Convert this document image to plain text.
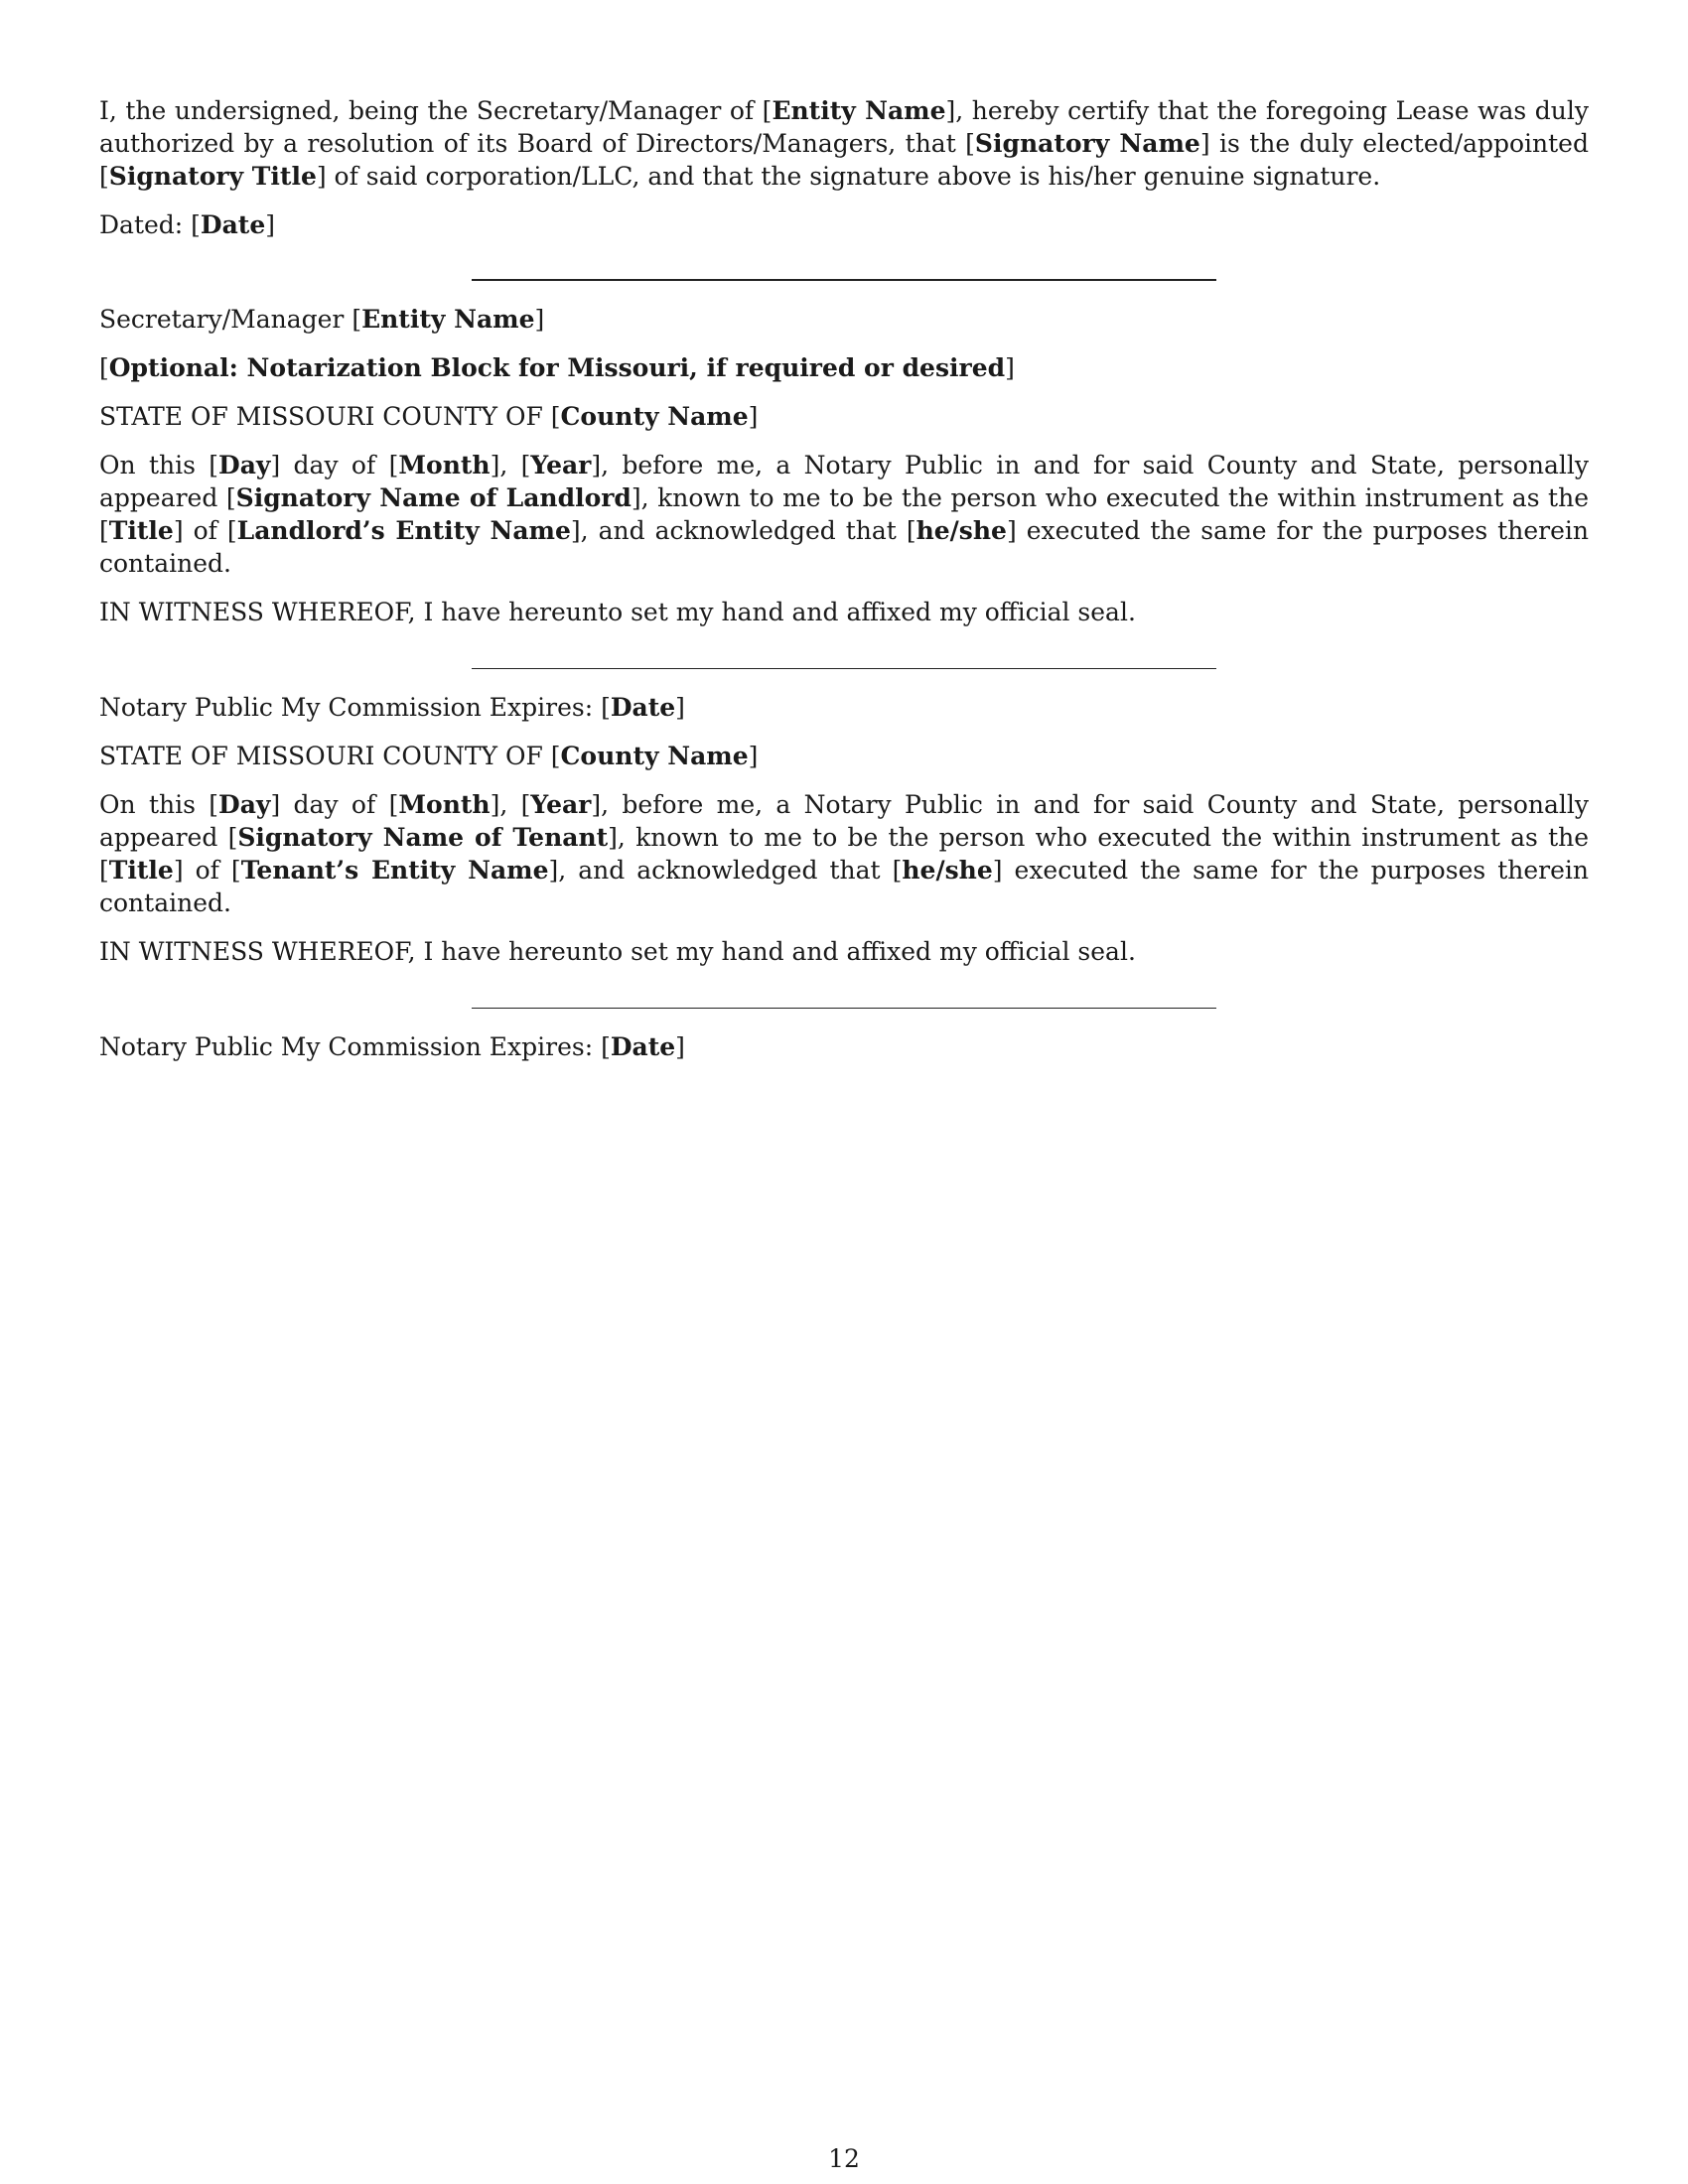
I, the undersigned, being the Secretary/Manager of [Entity Name], hereby certify that the foregoing Lease was duly authorized by a resolution of its Board of Directors/Managers, that [Signatory Name] is the duly elected/appointed [Signatory Title] of said corporation/LLC, and that the signature above is his/her genuine signature.

Dated: [Date]

Secretary/Manager [Entity Name]

[Optional: Notarization Block for Missouri, if required or desired]

STATE OF MISSOURI COUNTY OF [County Name]

On this [Day] day of [Month], [Year], before me, a Notary Public in and for said County and State, personally appeared [Signatory Name of Landlord], known to me to be the person who executed the within instrument as the [Title] of [Landlord’s Entity Name], and acknowledged that [he/she] executed the same for the purposes therein contained.

IN WITNESS WHEREOF, I have hereunto set my hand and affixed my official seal.

Notary Public My Commission Expires: [Date]

STATE OF MISSOURI COUNTY OF [County Name]

On this [Day] day of [Month], [Year], before me, a Notary Public in and for said County and State, personally appeared [Signatory Name of Tenant], known to me to be the person who executed the within instrument as the [Title] of [Tenant’s Entity Name], and acknowledged that [he/she] executed the same for the purposes therein contained.

IN WITNESS WHEREOF, I have hereunto set my hand and affixed my official seal.

Notary Public My Commission Expires: [Date]

12
